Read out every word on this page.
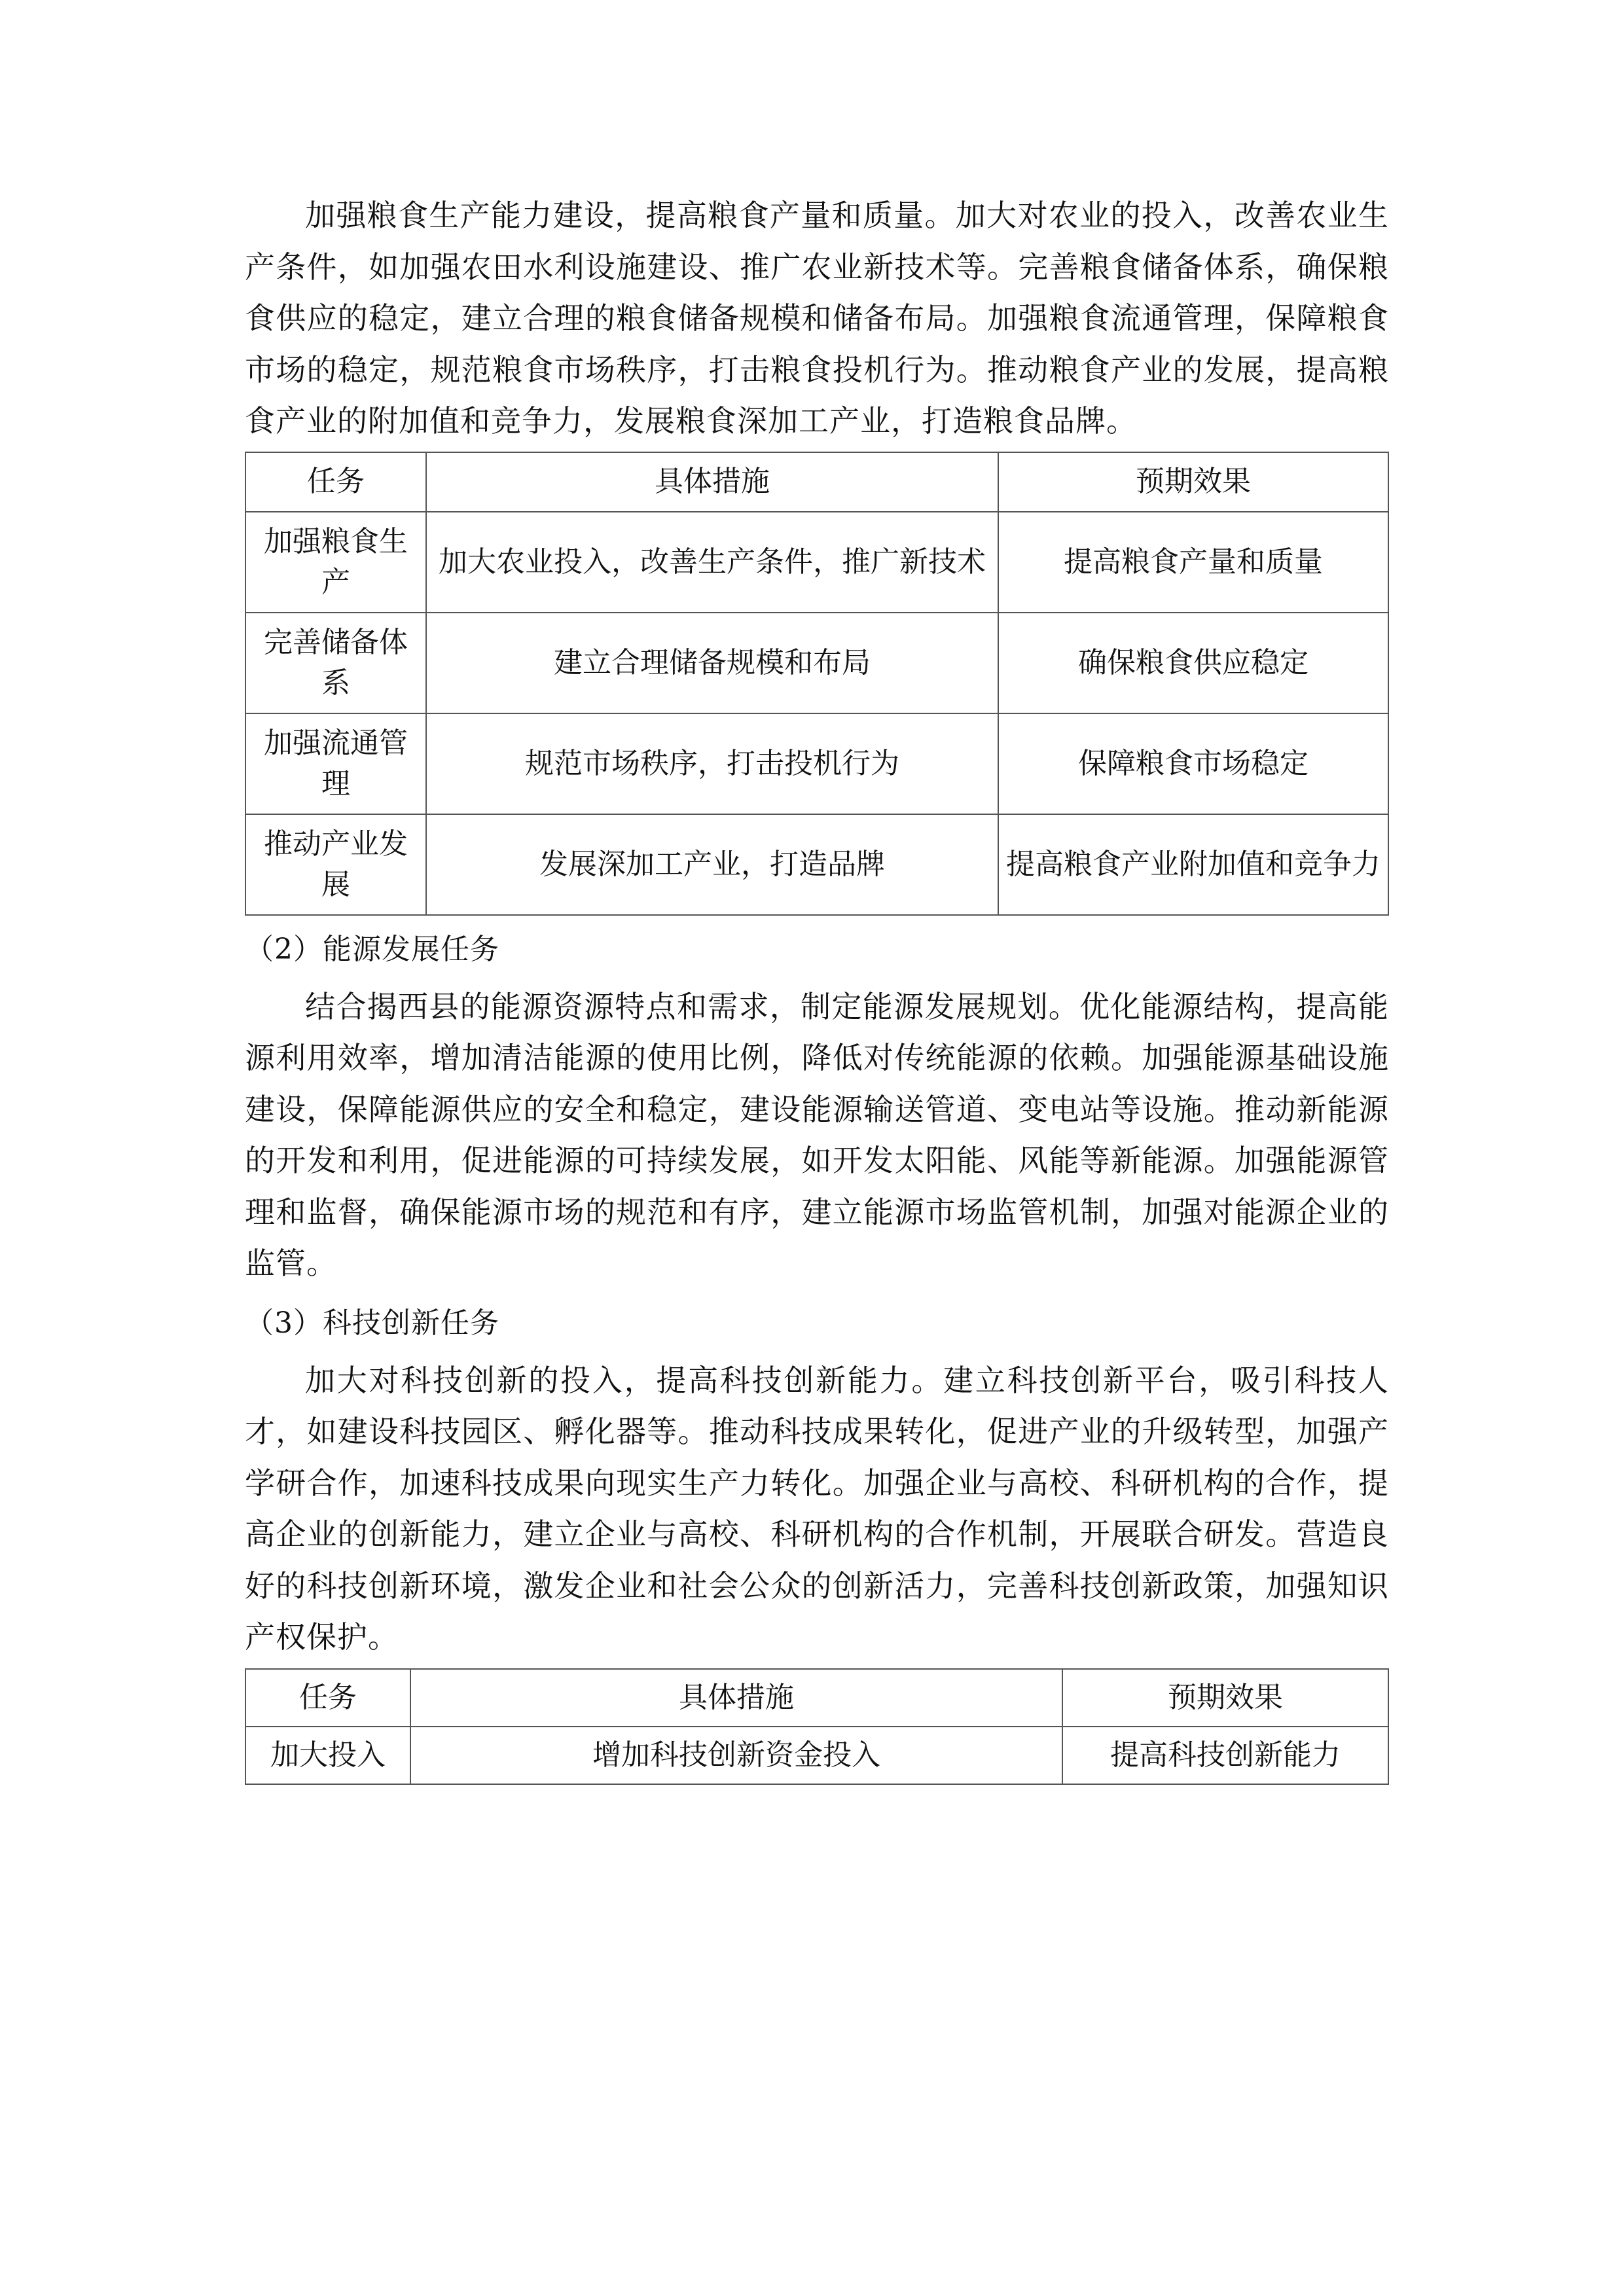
加强粮食生产能力建设，提高粮食产量和质量。加大对农业的投入，改善农业生产条件，如加强农田水利设施建设、推广农业新技术等。完善粮食储备体系，确保粮食供应的稳定，建立合理的粮食储备规模和储备布局。加强粮食流通管理，保障粮食市场的稳定，规范粮食市场秩序，打击粮食投机行为。推动粮食产业的发展，提高粮食产业的附加值和竞争力，发展粮食深加工产业，打造粮食品牌。

任务	具体措施	预期效果
加强粮食生产	加大农业投入，改善生产条件，推广新技术	提高粮食产量和质量
完善储备体系	建立合理储备规模和布局	确保粮食供应稳定
加强流通管理	规范市场秩序，打击投机行为	保障粮食市场稳定
推动产业发展	发展深加工产业，打造品牌	提高粮食产业附加值和竞争力

（2）能源发展任务

结合揭西县的能源资源特点和需求，制定能源发展规划。优化能源结构，提高能源利用效率，增加清洁能源的使用比例，降低对传统能源的依赖。加强能源基础设施建设，保障能源供应的安全和稳定，建设能源输送管道、变电站等设施。推动新能源的开发和利用，促进能源的可持续发展，如开发太阳能、风能等新能源。加强能源管理和监督，确保能源市场的规范和有序，建立能源市场监管机制，加强对能源企业的监管。

（3）科技创新任务

加大对科技创新的投入，提高科技创新能力。建立科技创新平台，吸引科技人才，如建设科技园区、孵化器等。推动科技成果转化，促进产业的升级转型，加强产学研合作，加速科技成果向现实生产力转化。加强企业与高校、科研机构的合作，提高企业的创新能力，建立企业与高校、科研机构的合作机制，开展联合研发。营造良好的科技创新环境，激发企业和社会公众的创新活力，完善科技创新政策，加强知识产权保护。

任务	具体措施	预期效果
加大投入	增加科技创新资金投入	提高科技创新能力
